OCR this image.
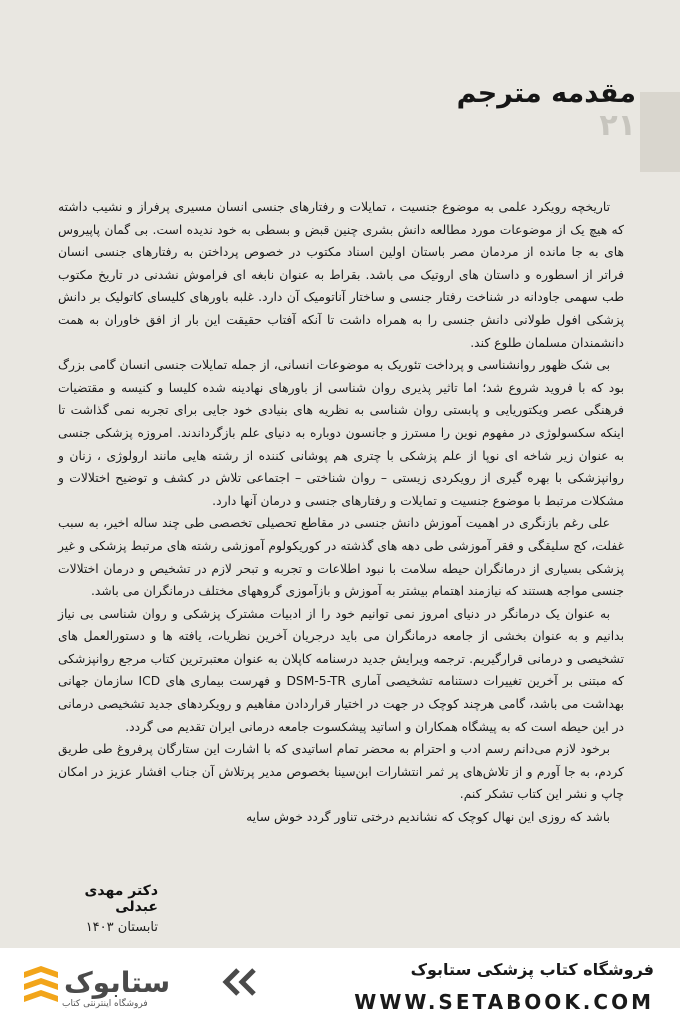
۲۱
مقدمه مترجم

تاریخچه رویکرد علمی به موضوع جنسیت ، تمایلات و رفتارهای جنسی انسان مسیری پرفراز و نشیب داشته که هیچ یک از موضوعات مورد مطالعه دانش بشری چنین قبض و بسطی به خود ندیده است. بی گمان پاپیروس های به جا مانده از مردمان مصر باستان اولین اسناد مکتوب در خصوص پرداختن به رفتارهای جنسی انسان فراتر از اسطوره و داستان های اروتیک می باشد. بقراط به عنوان نابغه ای فراموش نشدنی در تاریخ مکتوب طب سهمی جاودانه در شناخت رفتار جنسی و ساختار آناتومیک آن دارد. غلبه باورهای کلیسای کاتولیک بر دانش پزشکی افول طولانی دانش جنسی را به همراه داشت تا آنکه آفتاب حقیقت این بار از افق خاوران به همت دانشمندان مسلمان طلوع کند.

بی شک ظهور روانشناسی و پرداخت تئوریک به موضوعات انسانی، از جمله تمایلات جنسی انسان گامی بزرگ بود که با فروید شروع شد؛ اما تاثیر پذیری روان شناسی از باورهای نهادینه شده کلیسا و کنیسه و مقتضیات فرهنگی عصر ویکتوریایی و پابستی روان شناسی به نظریه های بنیادی خود جایی برای تجربه نمی گذاشت تا اینکه سکسولوژی در مفهوم نوین را مسترز و جانسون دوباره به دنیای علم بازگرداندند. امروزه پزشکی جنسی به عنوان زیر شاخه ای نوپا از علم پزشکی با چتری هم پوشانی کننده از رشته هایی مانند ارولوژی ، زنان و روانپزشکی با بهره گیری از رویکردی زیستی – روان شناختی – اجتماعی تلاش در کشف و توضیح اختلالات و مشکلات مرتبط با موضوع جنسیت و تمایلات و رفتارهای جنسی و درمان آنها دارد.

علی رغم بازنگری در اهمیت آموزش دانش جنسی در مقاطع تحصیلی تخصصی طی چند ساله اخیر، به سبب غفلت، کج سلیقگی و فقر آموزشی طی دهه های گذشته در کوریکولوم آموزشی رشته های مرتبط پزشکی و غیر پزشکی بسیاری از درمانگران حیطه سلامت با نبود اطلاعات و تجربه و تبحر لازم در تشخیص و درمان اختلالات جنسی مواجه هستند که نیازمند اهتمام بیشتر به آموزش و بازآموزی گروههای مختلف درمانگران می باشد.

به عنوان یک درمانگر در دنیای امروز نمی توانیم خود را از ادبیات مشترک پزشکی و روان شناسی بی نیاز بدانیم و به عنوان بخشی از جامعه درمانگران می باید درجریان آخرین نظریات، یافته ها و دستورالعمل های تشخیصی و درمانی قرارگیریم. ترجمه ویرایش جدید درسنامه کاپلان به عنوان معتبرترین کتاب مرجع روانپزشکی که مبتنی بر آخرین تغییرات دستنامه تشخیصی آماری DSM-5-TR و فهرست بیماری های ICD سازمان جهانی بهداشت می باشد، گامی هرچند کوچک در جهت در اختیار قراردادن مفاهیم و رویکردهای جدید تشخیصی درمانی در این حیطه است که به پیشگاه همکاران و اساتید پیشکسوت جامعه درمانی ایران تقدیم می گردد.

برخود لازم می‌دانم رسم ادب و احترام به محضر تمام اساتیدی که با اشارت این ستارگان پرفروغ طی طریق کردم، به جا آورم و از تلاش‌های پر ثمر انتشارات ابن‌سینا بخصوص مدیر پرتلاش آن جناب افشار عزیز در امکان چاپ و نشر این کتاب تشکر کنم.

باشد که روزی این نهال کوچک که نشاندیم درختی تناور گردد خوش سایه

دکتر مهدی عبدلی
تابستان ۱۴۰۳
ستابوک
فروشگاه اینترنتی کتاب
فروشگاه کتاب پزشکی ستابوک
WWW.SETABOOK.COM
